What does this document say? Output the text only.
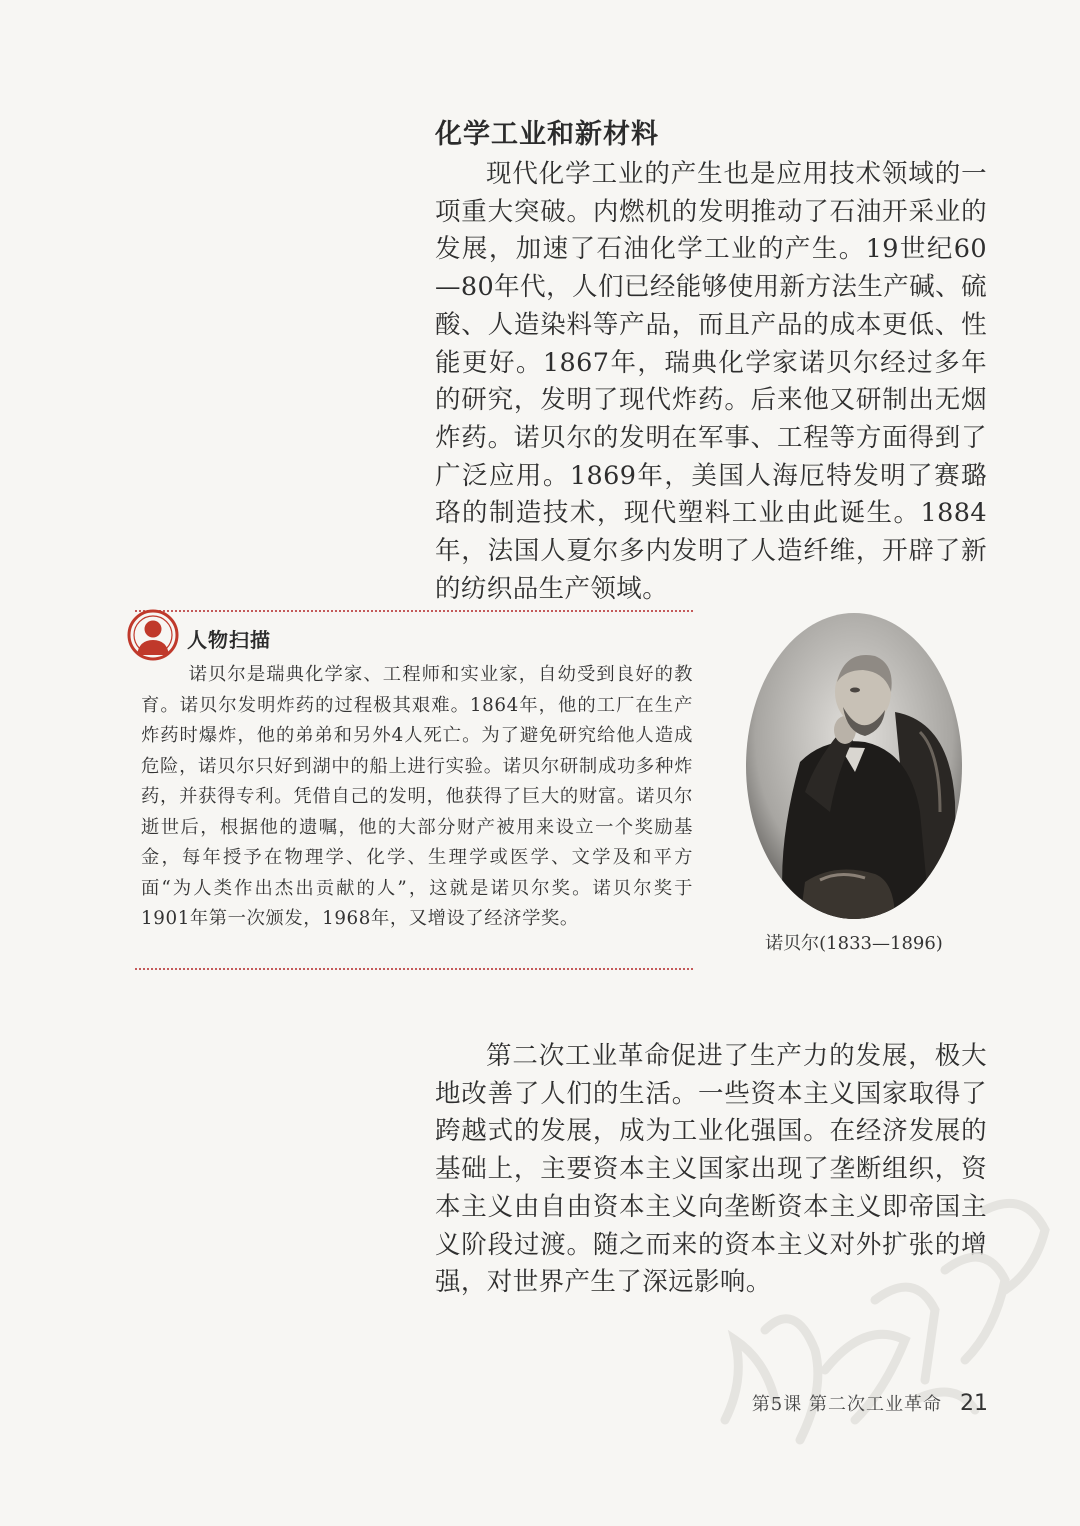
化学工业和新材料

现代化学工业的产生也是应用技术领域的一项重大突破。内燃机的发明推动了石油开采业的发展，加速了石油化学工业的产生。19世纪60—80年代，人们已经能够使用新方法生产碱、硫酸、人造染料等产品，而且产品的成本更低、性能更好。1867年，瑞典化学家诺贝尔经过多年的研究，发明了现代炸药。后来他又研制出无烟炸药。诺贝尔的发明在军事、工程等方面得到了广泛应用。1869年，美国人海厄特发明了赛璐珞的制造技术，现代塑料工业由此诞生。1884年，法国人夏尔多内发明了人造纤维，开辟了新的纺织品生产领域。

人物扫描

诺贝尔是瑞典化学家、工程师和实业家，自幼受到良好的教育。诺贝尔发明炸药的过程极其艰难。1864年，他的工厂在生产炸药时爆炸，他的弟弟和另外4人死亡。为了避免研究给他人造成危险，诺贝尔只好到湖中的船上进行实验。诺贝尔研制成功多种炸药，并获得专利。凭借自己的发明，他获得了巨大的财富。诺贝尔逝世后，根据他的遗嘱，他的大部分财产被用来设立一个奖励基金，每年授予在物理学、化学、生理学或医学、文学及和平方面“为人类作出杰出贡献的人”，这就是诺贝尔奖。诺贝尔奖于1901年第一次颁发，1968年，又增设了经济学奖。

诺贝尔(1833—1896)

第二次工业革命促进了生产力的发展，极大地改善了人们的生活。一些资本主义国家取得了跨越式的发展，成为工业化强国。在经济发展的基础上，主要资本主义国家出现了垄断组织，资本主义由自由资本主义向垄断资本主义即帝国主义阶段过渡。随之而来的资本主义对外扩张的增强，对世界产生了深远影响。

第5课 第二次工业革命 21
